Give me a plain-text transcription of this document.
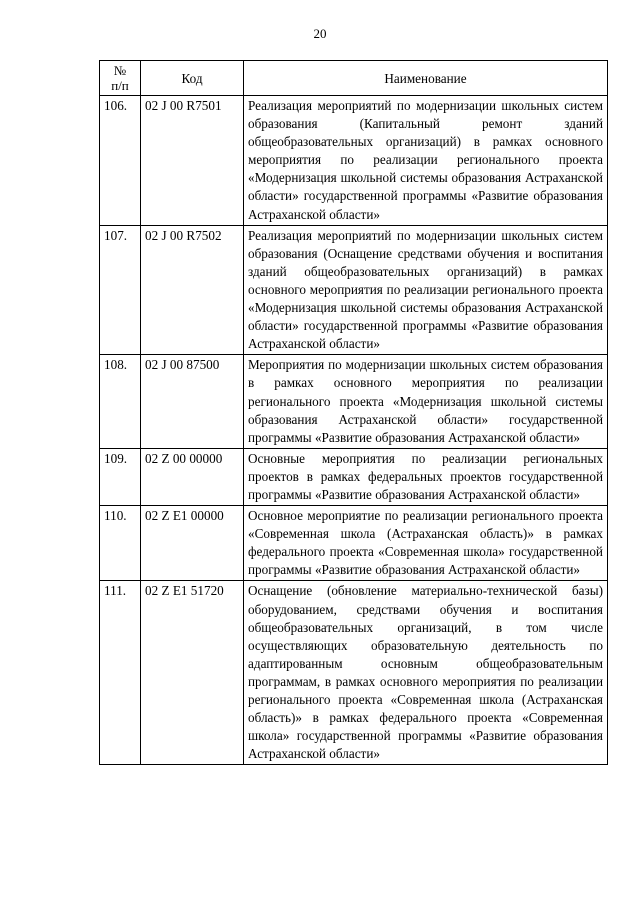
20
№
п/п	Код	Наименование
106.	02 J 00 R7501	Реализация мероприятий по модернизации школьных систем образования (Капитальный ремонт зданий общеобразовательных организаций) в рамках основного мероприятия по реализации регионального проекта «Модернизация школьной системы образования Астраханской области» государственной программы «Развитие образования Астраханской области»
107.	02 J 00 R7502	Реализация мероприятий по модернизации школьных систем образования (Оснащение средствами обучения и воспитания зданий общеобразовательных организаций) в рамках основного мероприятия по реализации регионального проекта «Модернизация школьной системы образования Астраханской области» государственной программы «Развитие образования Астраханской области»
108.	02 J 00 87500	Мероприятия по модернизации школьных систем образования в рамках основного мероприятия по реализации регионального проекта «Модернизация школьной системы образования Астраханской области» государственной программы «Развитие образования Астраханской области»
109.	02 Z 00 00000	Основные мероприятия по реализации региональных проектов в рамках федеральных проектов государственной программы «Развитие образования Астраханской области»
110.	02 Z E1 00000	Основное мероприятие по реализации регионального проекта «Современная школа (Астраханская область)» в рамках федерального проекта «Современная школа» государственной программы «Развитие образования Астраханской области»
111.	02 Z E1 51720	Оснащение (обновление материально-технической базы) оборудованием, средствами обучения и воспитания общеобразовательных организаций, в том числе осуществляющих образовательную деятельность по адаптированным основным общеобразовательным программам, в рамках основного мероприятия по реализации регионального проекта «Современная школа (Астраханская область)» в рамках федерального проекта «Современная школа» государственной программы «Развитие образования Астраханской области»
